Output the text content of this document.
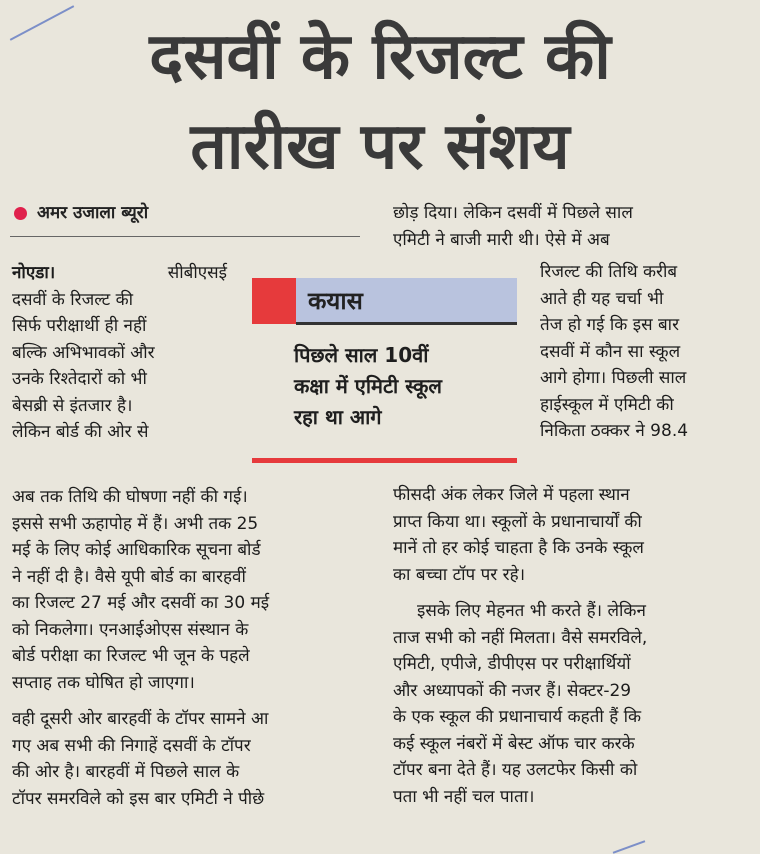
दसवीं के रिजल्ट की
तारीख पर संशय
अमर उजाला ब्यूरो
नोएडा।	सीबीएसई
दसवीं के रिजल्ट की
सिर्फ परीक्षार्थी ही नहीं
बल्कि अभिभावकों और
उनके रिश्तेदारों को भी
बेसब्री से इंतजार है।
लेकिन बोर्ड की ओर से
अब तक तिथि की घोषणा नहीं की गई।
इससे सभी ऊहापोह में हैं। अभी तक 25
मई के लिए कोई आधिकारिक सूचना बोर्ड
ने नहीं दी है। वैसे यूपी बोर्ड का बारहवीं
का रिजल्ट 27 मई और दसवीं का 30 मई
को निकलेगा। एनआईओएस संस्थान के
बोर्ड परीक्षा का रिजल्ट भी जून के पहले
सप्ताह तक घोषित हो जाएगा।
वही दूसरी ओर बारहवीं के टॉपर सामने आ
गए अब सभी की निगाहें दसवीं के टॉपर
की ओर है। बारहवीं में पिछले साल के
टॉपर समरविले को इस बार एमिटी ने पीछे
छोड़ दिया। लेकिन दसवीं में पिछले साल
एमिटी ने बाजी मारी थी। ऐसे में अब
रिजल्ट की तिथि करीब
आते ही यह चर्चा भी
तेज हो गई कि इस बार
दसवीं में कौन सा स्कूल
आगे होगा। पिछली साल
हाईस्कूल में एमिटी की
निकिता ठक्कर ने 98.4
फीसदी अंक लेकर जिले में पहला स्थान
प्राप्त किया था। स्कूलों के प्रधानाचार्यों की
मानें तो हर कोई चाहता है कि उनके स्कूल
का बच्चा टॉप पर रहे।
इसके लिए मेहनत भी करते हैं। लेकिन
ताज सभी को नहीं मिलता। वैसे समरविले,
एमिटी, एपीजे, डीपीएस पर परीक्षार्थियों
और अध्यापकों की नजर हैं। सेक्टर-29
के एक स्कूल की प्रधानाचार्य कहती हैं कि
कई स्कूल नंबरों में बेस्ट ऑफ चार करके
टॉपर बना देते हैं। यह उलटफेर किसी को
पता भी नहीं चल पाता।
कयास
पिछले साल 10वीं
कक्षा में एमिटी स्कूल
रहा था आगे
